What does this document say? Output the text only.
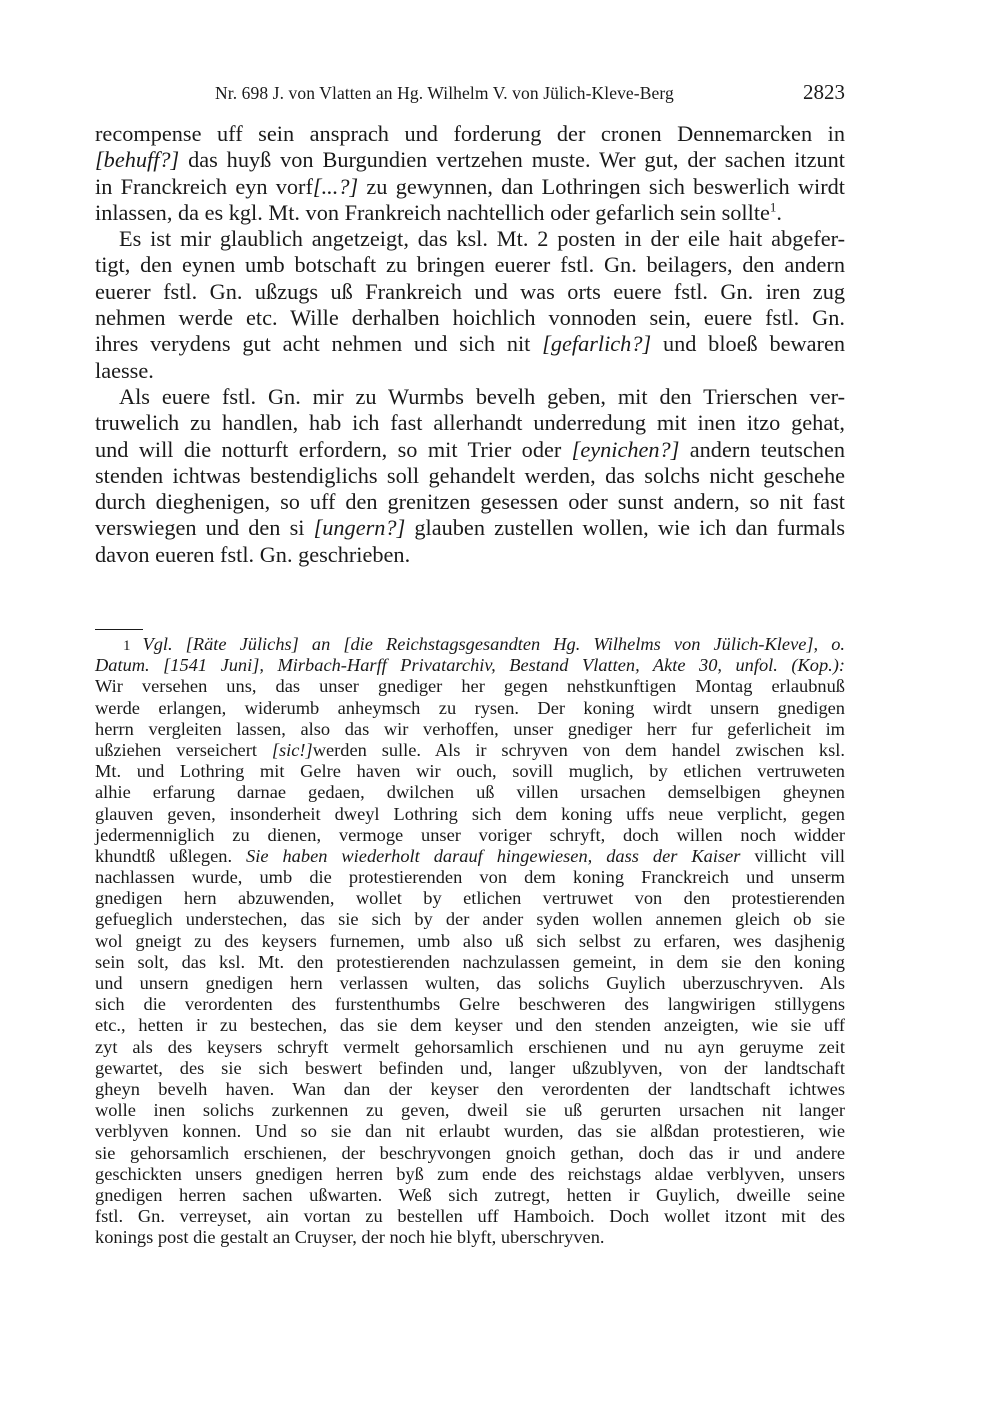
Nr. 698 J. von Vlatten an Hg. Wilhelm V. von Jülich-Kleve-Berg	2823
recompense uff sein ansprach und forderung der cronen Dennemarcken in
[behuff?] das huyß von Burgundien vertzehen muste. Wer gut, der sachen itzunt
in Franckreich eyn vorf[...?] zu gewynnen, dan Lothringen sich beswerlich wirdt
inlassen, da es kgl. Mt. von Frankreich nachtellich oder gefarlich sein sollte$^1$.
Es ist mir glaublich angetzeigt, das ksl. Mt. 2 posten in der eile hait abgefer-
tigt, den eynen umb botschaft zu bringen euerer fstl. Gn. beilagers, den andern
euerer fstl. Gn. ußzugs uß Frankreich und was orts euere fstl. Gn. iren zug
nehmen werde etc. Wille derhalben hoichlich vonnoden sein, euere fstl. Gn.
ihres verydens gut acht nehmen und sich nit [gefarlich?] und bloeß bewaren
laesse.
Als euere fstl. Gn. mir zu Wurmbs bevelh geben, mit den Trierschen ver-
truwelich zu handlen, hab ich fast allerhandt underredung mit inen itzo gehat,
und will die notturft erfordern, so mit Trier oder [eynichen?] andern teutschen
stenden ichtwas bestendiglichs soll gehandelt werden, das solchs nicht geschehe
durch dieghenigen, so uff den grenitzen gesessen oder sunst andern, so nit fast
verswiegen und den si [ungern?] glauben zustellen wollen, wie ich dan furmals
davon eueren fstl. Gn. geschrieben.
1 Vgl. [Räte Jülichs] an [die Reichstagsgesandten Hg. Wilhelms von Jülich-Kleve], o.
Datum. [1541 Juni], Mirbach-Harff Privatarchiv, Bestand Vlatten, Akte 30, unfol. (Kop.):
Wir versehen uns, das unser gnediger her gegen nehstkunftigen Montag erlaubnuß
werde erlangen, widerumb anheymsch zu rysen. Der koning wirdt unsern gnedigen
herrn vergleiten lassen, also das wir verhoffen, unser gnediger herr fur geferlicheit im
ußziehen verseichert [sic!]werden sulle. Als ir schryven von dem handel zwischen ksl.
Mt. und Lothring mit Gelre haven wir ouch, sovill muglich, by etlichen vertruweten
alhie erfarung darnae gedaen, dwilchen uß villen ursachen demselbigen gheynen
glauven geven, insonderheit dweyl Lothring sich dem koning uffs neue verplicht, gegen
jedermenniglich zu dienen, vermoge unser voriger schryft, doch willen noch widder
khundtß ußlegen. Sie haben wiederholt darauf hingewiesen, dass der Kaiser villicht vill
nachlassen wurde, umb die protestierenden von dem koning Franckreich und unserm
gnedigen hern abzuwenden, wollet by etlichen vertruwet von den protestierenden
gefueglich understechen, das sie sich by der ander syden wollen annemen gleich ob sie
wol gneigt zu des keysers furnemen, umb also uß sich selbst zu erfaren, wes dasjhenig
sein solt, das ksl. Mt. den protestierenden nachzulassen gemeint, in dem sie den koning
und unsern gnedigen hern verlassen wulten, das solichs Guylich uberzuschryven. Als
sich die verordenten des furstenthumbs Gelre beschweren des langwirigen stillygens
etc., hetten ir zu bestechen, das sie dem keyser und den stenden anzeigten, wie sie uff
zyt als des keysers schryft vermelt gehorsamlich erschienen und nu ayn geruyme zeit
gewartet, des sie sich beswert befinden und, langer ußzublyven, von der landtschaft
gheyn bevelh haven. Wan dan der keyser den verordenten der landtschaft ichtwes
wolle inen solichs zurkennen zu geven, dweil sie uß gerurten ursachen nit langer
verblyven konnen. Und so sie dan nit erlaubt wurden, das sie alßdan protestieren, wie
sie gehorsamlich erschienen, der beschryvongen gnoich gethan, doch das ir und andere
geschickten unsers gnedigen herren byß zum ende des reichstags aldae verblyven, unsers
gnedigen herren sachen ußwarten. Weß sich zutregt, hetten ir Guylich, dweille seine
fstl. Gn. verreyset, ain vortan zu bestellen uff Hamboich. Doch wollet itzont mit des
konings post die gestalt an Cruyser, der noch hie blyft, uberschryven.
